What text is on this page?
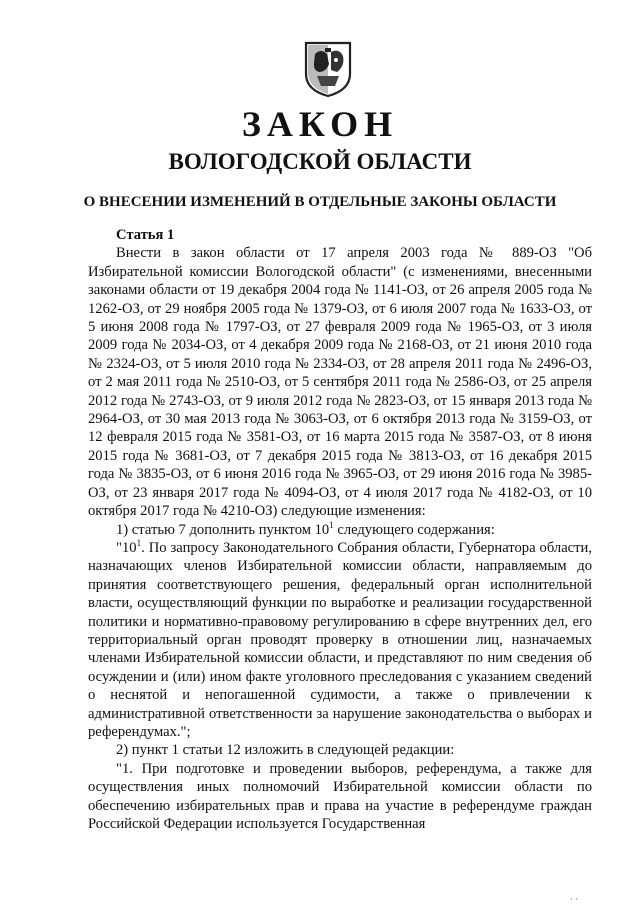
ЗАКОН
ВОЛОГОДСКОЙ ОБЛАСТИ
О ВНЕСЕНИИ ИЗМЕНЕНИЙ В ОТДЕЛЬНЫЕ ЗАКОНЫ ОБЛАСТИ

Статья 1

Внести в закон области от 17 апреля 2003 года № 889-ОЗ "Об Избирательной комиссии Вологодской области" (с изменениями, внесенными законами области от 19 декабря 2004 года № 1141-ОЗ, от 26 апреля 2005 года № 1262-ОЗ, от 29 ноября 2005 года № 1379-ОЗ, от 6 июля 2007 года № 1633-ОЗ, от 5 июня 2008 года № 1797-ОЗ, от 27 февраля 2009 года № 1965-ОЗ, от 3 июля 2009 года № 2034-ОЗ, от 4 декабря 2009 года № 2168-ОЗ, от 21 июня 2010 года № 2324-ОЗ, от 5 июля 2010 года № 2334-ОЗ, от 28 апреля 2011 года № 2496-ОЗ, от 2 мая 2011 года № 2510-ОЗ, от 5 сентября 2011 года № 2586-ОЗ, от 25 апреля 2012 года № 2743-ОЗ, от 9 июля 2012 года № 2823-ОЗ, от 15 января 2013 года № 2964-ОЗ, от 30 мая 2013 года № 3063-ОЗ, от 6 октября 2013 года № 3159-ОЗ, от 12 февраля 2015 года № 3581-ОЗ, от 16 марта 2015 года № 3587-ОЗ, от 8 июня 2015 года № 3681-ОЗ, от 7 декабря 2015 года № 3813-ОЗ, от 16 декабря 2015 года № 3835-ОЗ, от 6 июня 2016 года № 3965-ОЗ, от 29 июня 2016 года № 3985-ОЗ, от 23 января 2017 года № 4094-ОЗ, от 4 июля 2017 года № 4182-ОЗ, от 10 октября 2017 года № 4210-ОЗ) следующие изменения:

1) статью 7 дополнить пунктом $10^1$ следующего содержания:

"$10^1$. По запросу Законодательного Собрания области, Губернатора области, назначающих членов Избирательной комиссии области, направляемым до принятия соответствующего решения, федеральный орган исполнительной власти, осуществляющий функции по выработке и реализации государственной политики и нормативно-правовому регулированию в сфере внутренних дел, его территориальный орган проводят проверку в отношении лиц, назначаемых членами Избирательной комиссии области, и представляют по ним сведения об осуждении и (или) ином факте уголовного преследования с указанием сведений о неснятой и непогашенной судимости, а также о привлечении к административной ответственности за нарушение законодательства о выборах и референдумах.";

2) пункт 1 статьи 12 изложить в следующей редакции:

"1. При подготовке и проведении выборов, референдума, а также для осуществления иных полномочий Избирательной комиссии области по обеспечению избирательных прав и права на участие в референдуме граждан Российской Федерации используется Государственная

· ·
